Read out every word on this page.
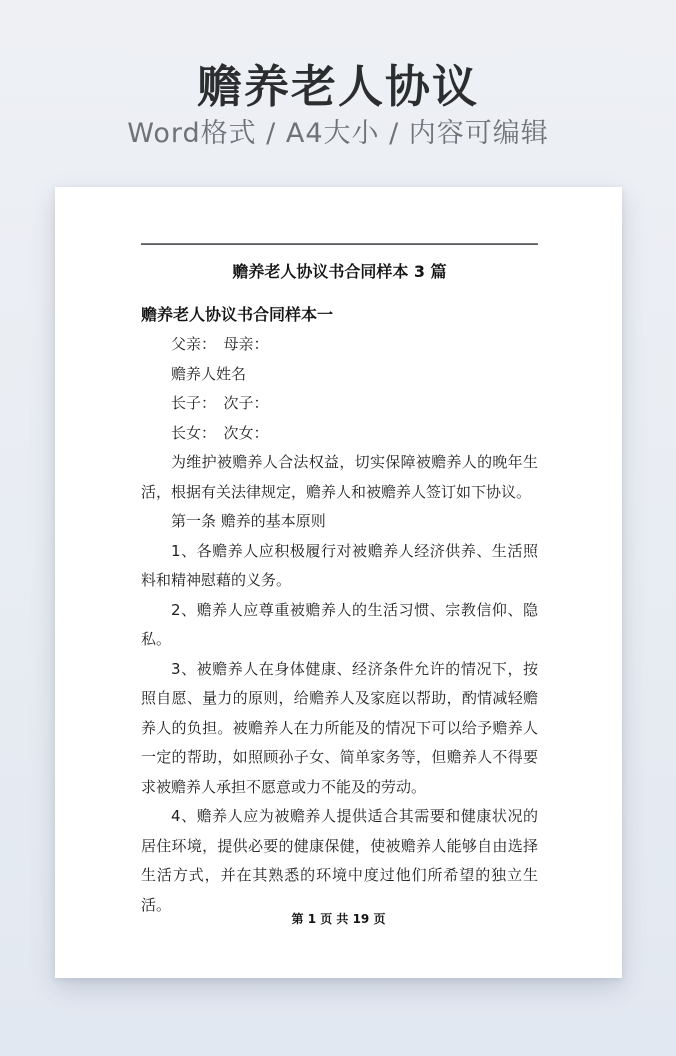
赡养老人协议
Word格式 / A4大小 / 内容可编辑
赡养老人协议书合同样本 3 篇
赡养老人协议书合同样本一

父亲：　母亲：

赡养人姓名

长子：　次子：

长女：　次女：

为维护被赡养人合法权益，切实保障被赡养人的晚年生活，根据有关法律规定，赡养人和被赡养人签订如下协议。

第一条 赡养的基本原则

1、各赡养人应积极履行对被赡养人经济供养、生活照料和精神慰藉的义务。

2、赡养人应尊重被赡养人的生活习惯、宗教信仰、隐私。

3、被赡养人在身体健康、经济条件允许的情况下，按照自愿、量力的原则，给赡养人及家庭以帮助，酌情减轻赡养人的负担。被赡养人在力所能及的情况下可以给予赡养人一定的帮助，如照顾孙子女、简单家务等，但赡养人不得要求被赡养人承担不愿意或力不能及的劳动。

4、赡养人应为被赡养人提供适合其需要和健康状况的居住环境，提供必要的健康保健，使被赡养人能够自由选择生活方式，并在其熟悉的环境中度过他们所希望的独立生活。

第 1 页 共 19 页
